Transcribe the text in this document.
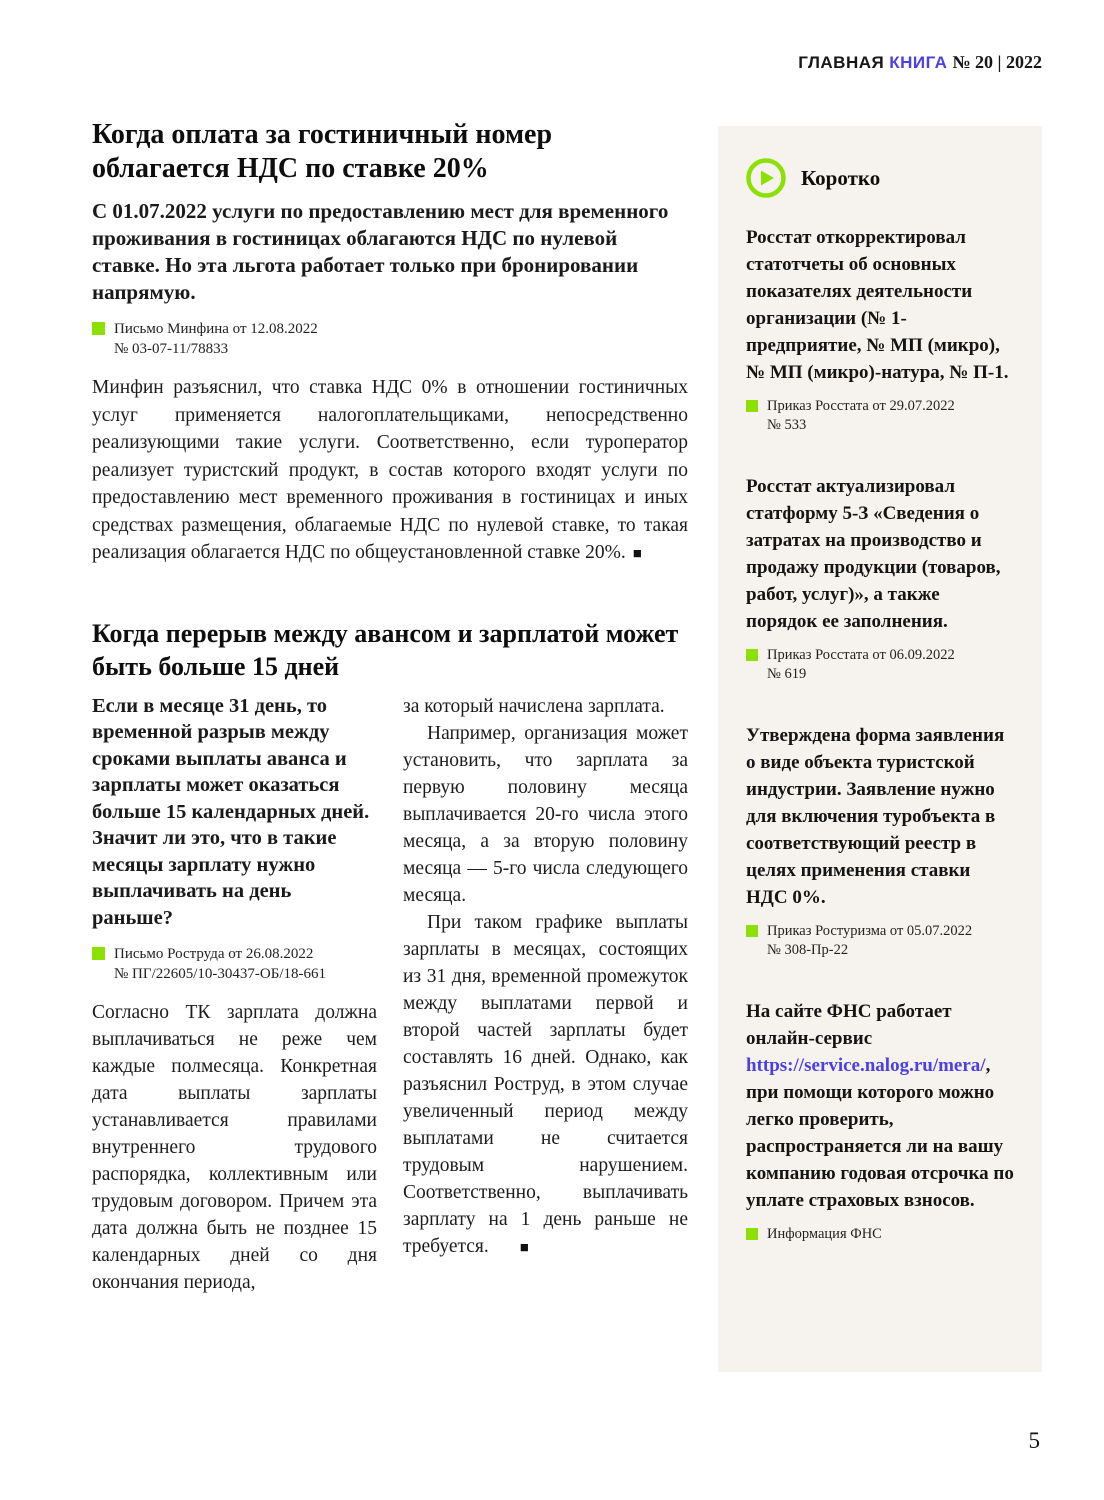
ГЛАВНАЯ КНИГА № 20 | 2022
Когда оплата за гостиничный номер облагается НДС по ставке 20%

С 01.07.2022 услуги по предоставлению мест для временного проживания в гостиницах облагаются НДС по нулевой ставке. Но эта льгота работает только при бронировании напрямую.

Письмо Минфина от 12.08.2022
№ 03-07-11/78833

Минфин разъяснил, что ставка НДС 0% в отношении гостиничных услуг применяется налогоплательщиками, непосредственно реализующими такие услуги. Соответственно, если туроператор реализует туристский продукт, в состав которого входят услуги по предоставлению мест временного проживания в гостиницах и иных средствах размещения, облагаемые НДС по нулевой ставке, то такая реализация облагается НДС по общеустановленной ставке 20%. ■

Когда перерыв между авансом и зарплатой может быть больше 15 дней

Если в месяце 31 день, то временной разрыв между сроками выплаты аванса и зарплаты может оказаться больше 15 календарных дней. Значит ли это, что в такие месяцы зарплату нужно выплачивать на день раньше?

Письмо Роструда от 26.08.2022
№ ПГ/22605/10-30437-ОБ/18-661

Согласно ТК зарплата должна выплачиваться не реже чем каждые полмесяца. Конкретная дата выплаты зарплаты устанавливается правилами внутреннего трудового распорядка, коллективным или трудовым договором. Причем эта дата должна быть не позднее 15 календарных дней со дня окончания периода,

за который начислена зарплата.

Например, организация может установить, что зарплата за первую половину месяца выплачивается 20-го числа этого месяца, а за вторую половину месяца — 5-го числа следующего месяца.

При таком графике выплаты зарплаты в месяцах, состоящих из 31 дня, временной промежуток между выплатами первой и второй частей зарплаты будет составлять 16 дней. Однако, как разъяснил Роструд, в этом случае увеличенный период между выплатами не считается трудовым нарушением. Соответственно, выплачивать зарплату на 1 день раньше не требуется. ■

Коротко

Росстат откорректировал статотчеты об основных показателях деятельности организации (№ 1-предприятие, № МП (микро), № МП (микро)-натура, № П-1.

Приказ Росстата от 29.07.2022
№ 533

Росстат актуализировал статформу 5-З «Сведения о затратах на производство и продажу продукции (товаров, работ, услуг)», а также порядок ее заполнения.

Приказ Росстата от 06.09.2022
№ 619

Утверждена форма заявления о виде объекта туристской индустрии. Заявление нужно для включения туробъекта в соответствующий реестр в целях применения ставки НДС 0%.

Приказ Ростуризма от 05.07.2022
№ 308-Пр-22

На сайте ФНС работает онлайн-сервис https://service.nalog.ru/mera/, при помощи которого можно легко проверить, распространяется ли на вашу компанию годовая отсрочка по уплате страховых взносов.

Информация ФНС
5
